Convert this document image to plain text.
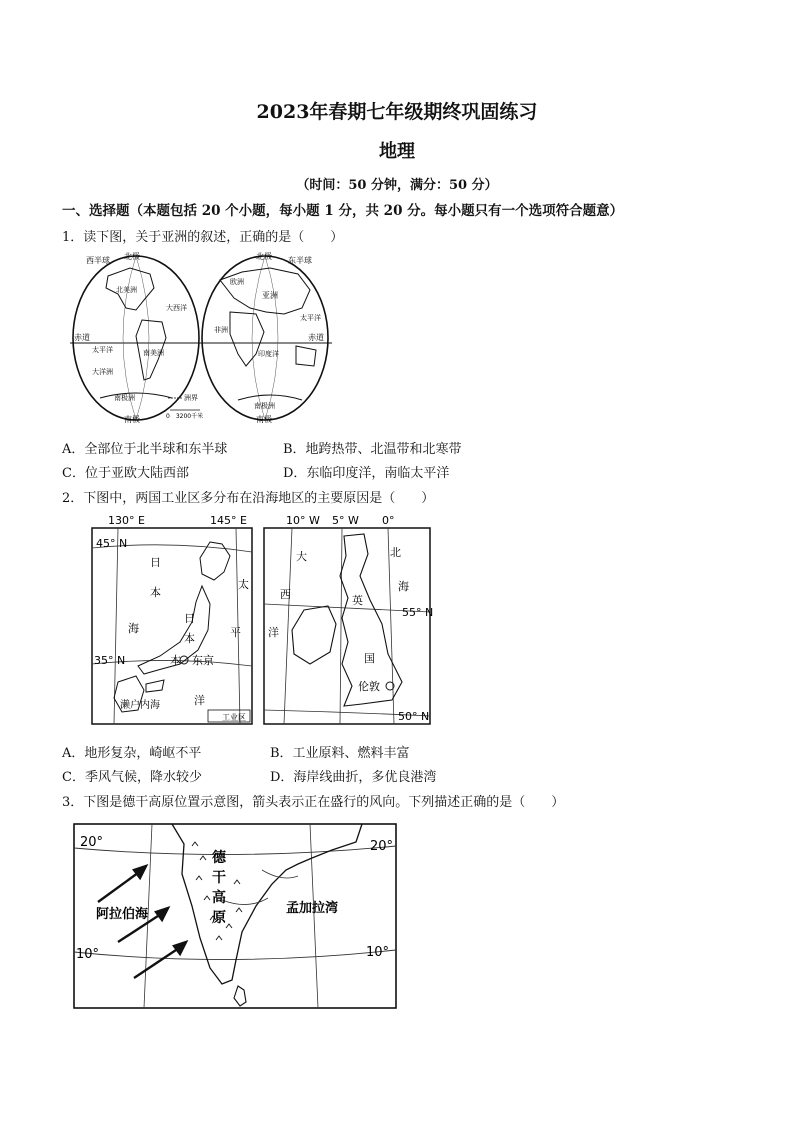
2023年春期七年级期终巩固练习
地理
（时间：50 分钟，满分：50 分）
一、选择题（本题包括 20 个小题，每小题 1 分，共 20 分。每小题只有一个选项符合题意）
1．读下图，关于亚洲的叙述，正确的是（　　）
西半球 北极	北极 东半球
北美洲
南美洲
大西洋
太平洋
大洋洲
赤道
南极洲
南极
欧洲
亚洲
非洲
印度洋
太平洋
赤道
南极洲
南极
洲界
0　3200千米
A．全部位于北半球和东半球	B．地跨热带、北温带和北寒带
C．位于亚欧大陆西部	D．东临印度洋，南临太平洋
2．下图中，两国工业区多分布在沿海地区的主要原因是（　　）
130° E	145° E
45° N
35° N
日
本
海
日
本
本 东京
太
平
洋
濑户内海
工业区
10° W 5° W 0°
55° N
50° N
大
西
洋
北
海
英
国
伦敦
A．地形复杂，崎岖不平	B．工业原料、燃料丰富
C．季风气候，降水较少	D．海岸线曲折，多优良港湾
3．下图是德干高原位置示意图，箭头表示正在盛行的风向。下列描述正确的是（　　）
20°	20°
10°	10°
阿拉伯海	孟加拉湾
德
干
高
原
